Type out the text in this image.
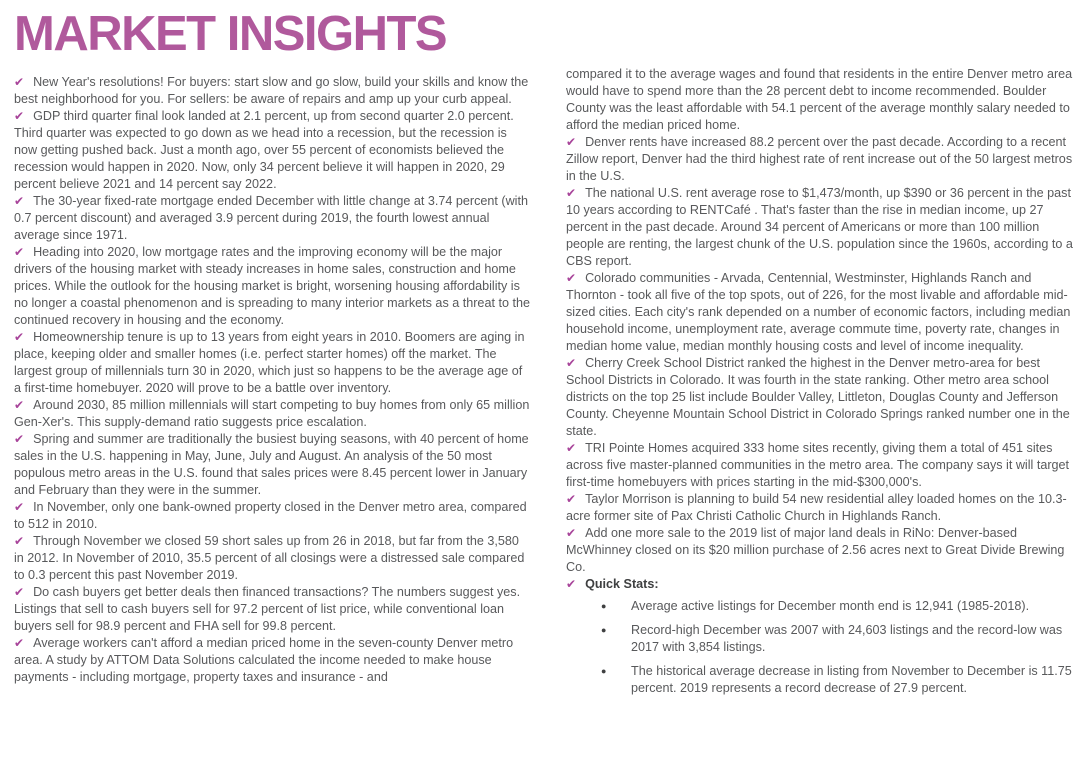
MARKET INSIGHTS

✔ New Year's resolutions! For buyers: start slow and go slow, build your skills and know the best neighborhood for you. For sellers: be aware of repairs and amp up your curb appeal.

✔ GDP third quarter final look landed at 2.1 percent, up from second quarter 2.0 percent. Third quarter was expected to go down as we head into a recession, but the recession is now getting pushed back. Just a month ago, over 55 percent of economists believed the recession would happen in 2020. Now, only 34 percent believe it will happen in 2020, 29 percent believe 2021 and 14 percent say 2022.

✔ The 30-year fixed-rate mortgage ended December with little change at 3.74 percent (with 0.7 percent discount) and averaged 3.9 percent during 2019, the fourth lowest annual average since 1971.

✔ Heading into 2020, low mortgage rates and the improving economy will be the major drivers of the housing market with steady increases in home sales, construction and home prices. While the outlook for the housing market is bright, worsening housing affordability is no longer a coastal phenomenon and is spreading to many interior markets as a threat to the continued recovery in housing and the economy.

✔ Homeownership tenure is up to 13 years from eight years in 2010. Boomers are aging in place, keeping older and smaller homes (i.e. perfect starter homes) off the market. The largest group of millennials turn 30 in 2020, which just so happens to be the average age of a first-time homebuyer. 2020 will prove to be a battle over inventory.

✔ Around 2030, 85 million millennials will start competing to buy homes from only 65 million Gen-Xer's. This supply-demand ratio suggests price escalation.

✔ Spring and summer are traditionally the busiest buying seasons, with 40 percent of home sales in the U.S. happening in May, June, July and August. An analysis of the 50 most populous metro areas in the U.S. found that sales prices were 8.45 percent lower in January and February than they were in the summer.

✔ In November, only one bank-owned property closed in the Denver metro area, compared to 512 in 2010.

✔ Through November we closed 59 short sales up from 26 in 2018, but far from the 3,580 in 2012. In November of 2010, 35.5 percent of all closings were a distressed sale compared to 0.3 percent this past November 2019.

✔ Do cash buyers get better deals then financed transactions? The numbers suggest yes. Listings that sell to cash buyers sell for 97.2 percent of list price, while conventional loan buyers sell for 98.9 percent and FHA sell for 99.8 percent.

✔ Average workers can't afford a median priced home in the seven-county Denver metro area. A study by ATTOM Data Solutions calculated the income needed to make house payments - including mortgage, property taxes and insurance - and

compared it to the average wages and found that residents in the entire Denver metro area would have to spend more than the 28 percent debt to income recommended. Boulder County was the least affordable with 54.1 percent of the average monthly salary needed to afford the median priced home.

✔ Denver rents have increased 88.2 percent over the past decade. According to a recent Zillow report, Denver had the third highest rate of rent increase out of the 50 largest metros in the U.S.

✔ The national U.S. rent average rose to $1,473/month, up $390 or 36 percent in the past 10 years according to RENTCafé . That's faster than the rise in median income, up 27 percent in the past decade. Around 34 percent of Americans or more than 100 million people are renting, the largest chunk of the U.S. population since the 1960s, according to a CBS report.

✔ Colorado communities - Arvada, Centennial, Westminster, Highlands Ranch and Thornton - took all five of the top spots, out of 226, for the most livable and affordable mid-sized cities. Each city's rank depended on a number of economic factors, including median household income, unemployment rate, average commute time, poverty rate, changes in median home value, median monthly housing costs and level of income inequality.

✔ Cherry Creek School District ranked the highest in the Denver metro-area for best School Districts in Colorado. It was fourth in the state ranking. Other metro area school districts on the top 25 list include Boulder Valley, Littleton, Douglas County and Jefferson County. Cheyenne Mountain School District in Colorado Springs ranked number one in the state.

✔ TRI Pointe Homes acquired 333 home sites recently, giving them a total of 451 sites across five master-planned communities in the metro area. The company says it will target first-time homebuyers with prices starting in the mid-$300,000's.

✔ Taylor Morrison is planning to build 54 new residential alley loaded homes on the 10.3-acre former site of Pax Christi Catholic Church in Highlands Ranch.

✔ Add one more sale to the 2019 list of major land deals in RiNo: Denver-based McWhinney closed on its $20 million purchase of 2.56 acres next to Great Divide Brewing Co.

✔ Quick Stats:

● Average active listings for December month end is 12,941 (1985-2018).
● Record-high December was 2007 with 24,603 listings and the record-low was 2017 with 3,854 listings.
● The historical average decrease in listing from November to December is 11.75 percent. 2019 represents a record decrease of 27.9 percent.
